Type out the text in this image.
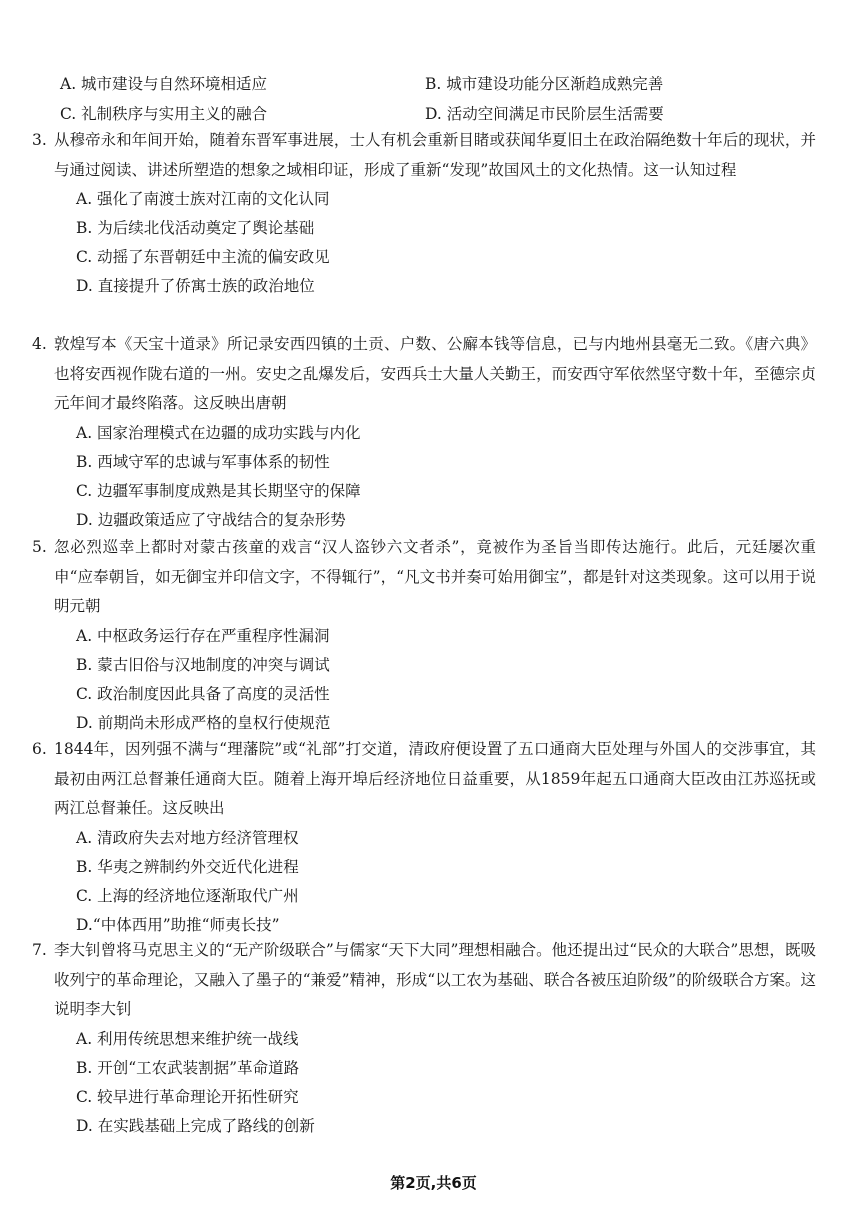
A. 城市建设与自然环境相适应	B. 城市建设功能分区渐趋成熟完善
C. 礼制秩序与实用主义的融合	D. 活动空间满足市民阶层生活需要
3. 从穆帝永和年间开始，随着东晋军事进展，士人有机会重新目睹或获闻华夏旧土在政治隔绝数十年后的现状，并与通过阅读、讲述所塑造的想象之域相印证，形成了重新“发现”故国风土的文化热情。这一认知过程
A. 强化了南渡士族对江南的文化认同
B. 为后续北伐活动奠定了舆论基础
C. 动摇了东晋朝廷中主流的偏安政见
D. 直接提升了侨寓士族的政治地位
4. 敦煌写本《天宝十道录》所记录安西四镇的土贡、户数、公廨本钱等信息，已与内地州县毫无二致。《唐六典》也将安西视作陇右道的一州。安史之乱爆发后，安西兵士大量人关勤王，而安西守军依然坚守数十年，至德宗贞元年间才最终陷落。这反映出唐朝
A. 国家治理模式在边疆的成功实践与内化
B. 西域守军的忠诚与军事体系的韧性
C. 边疆军事制度成熟是其长期坚守的保障
D. 边疆政策适应了守战结合的复杂形势
5. 忽必烈巡幸上都时对蒙古孩童的戏言“汉人盗钞六文者杀”，竟被作为圣旨当即传达施行。此后，元廷屡次重申“应奉朝旨，如无御宝并印信文字，不得辄行”，“凡文书并奏可始用御宝”，都是针对这类现象。这可以用于说明元朝
A. 中枢政务运行存在严重程序性漏洞
B. 蒙古旧俗与汉地制度的冲突与调试
C. 政治制度因此具备了高度的灵活性
D. 前期尚未形成严格的皇权行使规范
6. 1844年，因列强不满与“理藩院”或“礼部”打交道，清政府便设置了五口通商大臣处理与外国人的交涉事宜，其最初由两江总督兼任通商大臣。随着上海开埠后经济地位日益重要，从1859年起五口通商大臣改由江苏巡抚或两江总督兼任。这反映出
A. 清政府失去对地方经济管理权
B. 华夷之辨制约外交近代化进程
C. 上海的经济地位逐渐取代广州
D.“中体西用”助推“师夷长技”
7. 李大钊曾将马克思主义的“无产阶级联合”与儒家“天下大同”理想相融合。他还提出过“民众的大联合”思想，既吸收列宁的革命理论，又融入了墨子的“兼爱”精神，形成“以工农为基础、联合各被压迫阶级”的阶级联合方案。这说明李大钊
A. 利用传统思想来维护统一战线
B. 开创“工农武装割据”革命道路
C. 较早进行革命理论开拓性研究
D. 在实践基础上完成了路线的创新
第2页,共6页
